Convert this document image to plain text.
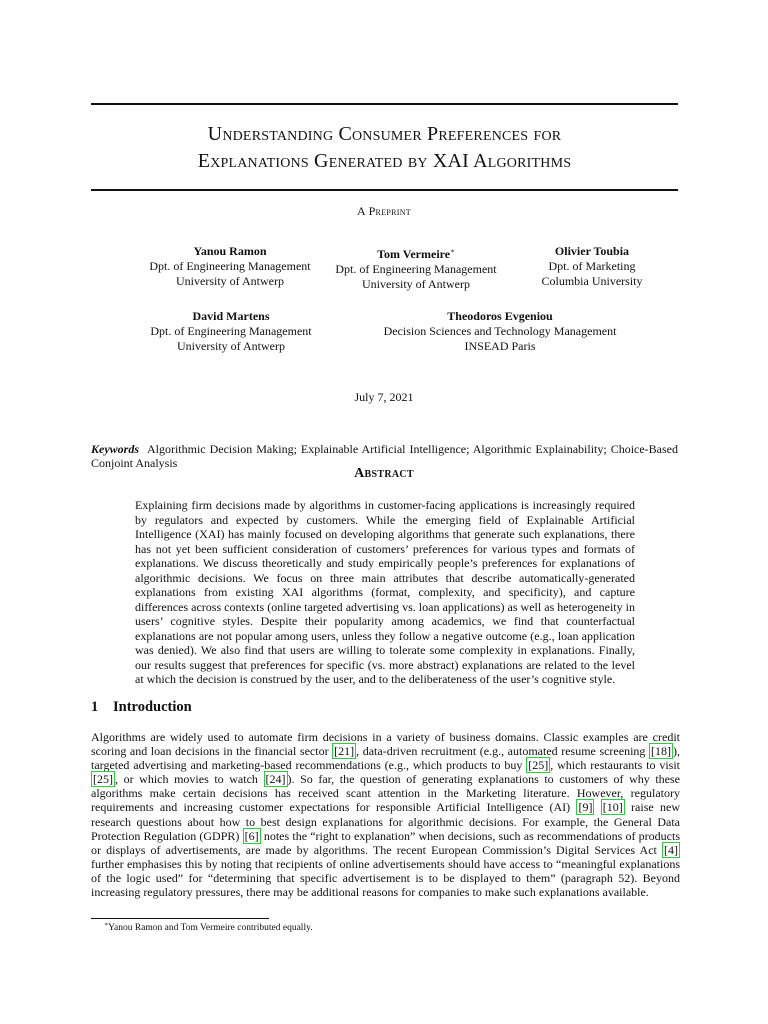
Understanding Consumer Preferences for
Explanations Generated by XAI Algorithms
A Preprint
Yanou Ramon
Dpt. of Engineering Management
University of Antwerp
Tom Vermeire∗
Dpt. of Engineering Management
University of Antwerp
Olivier Toubia
Dpt. of Marketing
Columbia University
David Martens
Dpt. of Engineering Management
University of Antwerp
Theodoros Evgeniou
Decision Sciences and Technology Management
INSEAD Paris
July 7, 2021
Keywords Algorithmic Decision Making; Explainable Artificial Intelligence; Algorithmic Explainability; Choice-Based Conjoint Analysis
Abstract
Explaining firm decisions made by algorithms in customer-facing applications is increasingly required by regulators and expected by customers. While the emerging field of Explainable Artificial Intelligence (XAI) has mainly focused on developing algorithms that generate such explanations, there has not yet been sufficient consideration of customers’ preferences for various types and formats of explanations. We discuss theoretically and study empirically people’s preferences for explanations of algorithmic decisions. We focus on three main attributes that describe automatically-generated explanations from existing XAI algorithms (format, complexity, and specificity), and capture differences across contexts (online targeted advertising vs. loan applications) as well as heterogeneity in users’ cognitive styles. Despite their popularity among academics, we find that counterfactual explanations are not popular among users, unless they follow a negative outcome (e.g., loan application was denied). We also find that users are willing to tolerate some complexity in explanations. Finally, our results suggest that preferences for specific (vs. more abstract) explanations are related to the level at which the decision is construed by the user, and to the deliberateness of the user’s cognitive style.
1 Introduction
Algorithms are widely used to automate firm decisions in a variety of business domains. Classic examples are credit scoring and loan decisions in the financial sector [21] , data-driven recruitment (e.g., automated resume screening [18] ), targeted advertising and marketing-based recommendations (e.g., which products to buy [25] , which restaurants to visit [25] , or which movies to watch [24] ). So far, the question of generating explanations to customers of why these algorithms make certain decisions has received scant attention in the Marketing literature. However, regulatory requirements and increasing customer expectations for responsible Artificial Intelligence (AI) [9] [10] raise new research questions about how to best design explanations for algorithmic decisions. For example, the General Data Protection Regulation (GDPR) [6] notes the “right to explanation” when decisions, such as recommendations of products or displays of advertisements, are made by algorithms. The recent European Commission’s Digital Services Act [4] further emphasises this by noting that recipients of online advertisements should have access to “meaningful explanations of the logic used” for “determining that specific advertisement is to be displayed to them” (paragraph 52). Beyond increasing regulatory pressures, there may be additional reasons for companies to make such explanations available.
∗Yanou Ramon and Tom Vermeire contributed equally.
